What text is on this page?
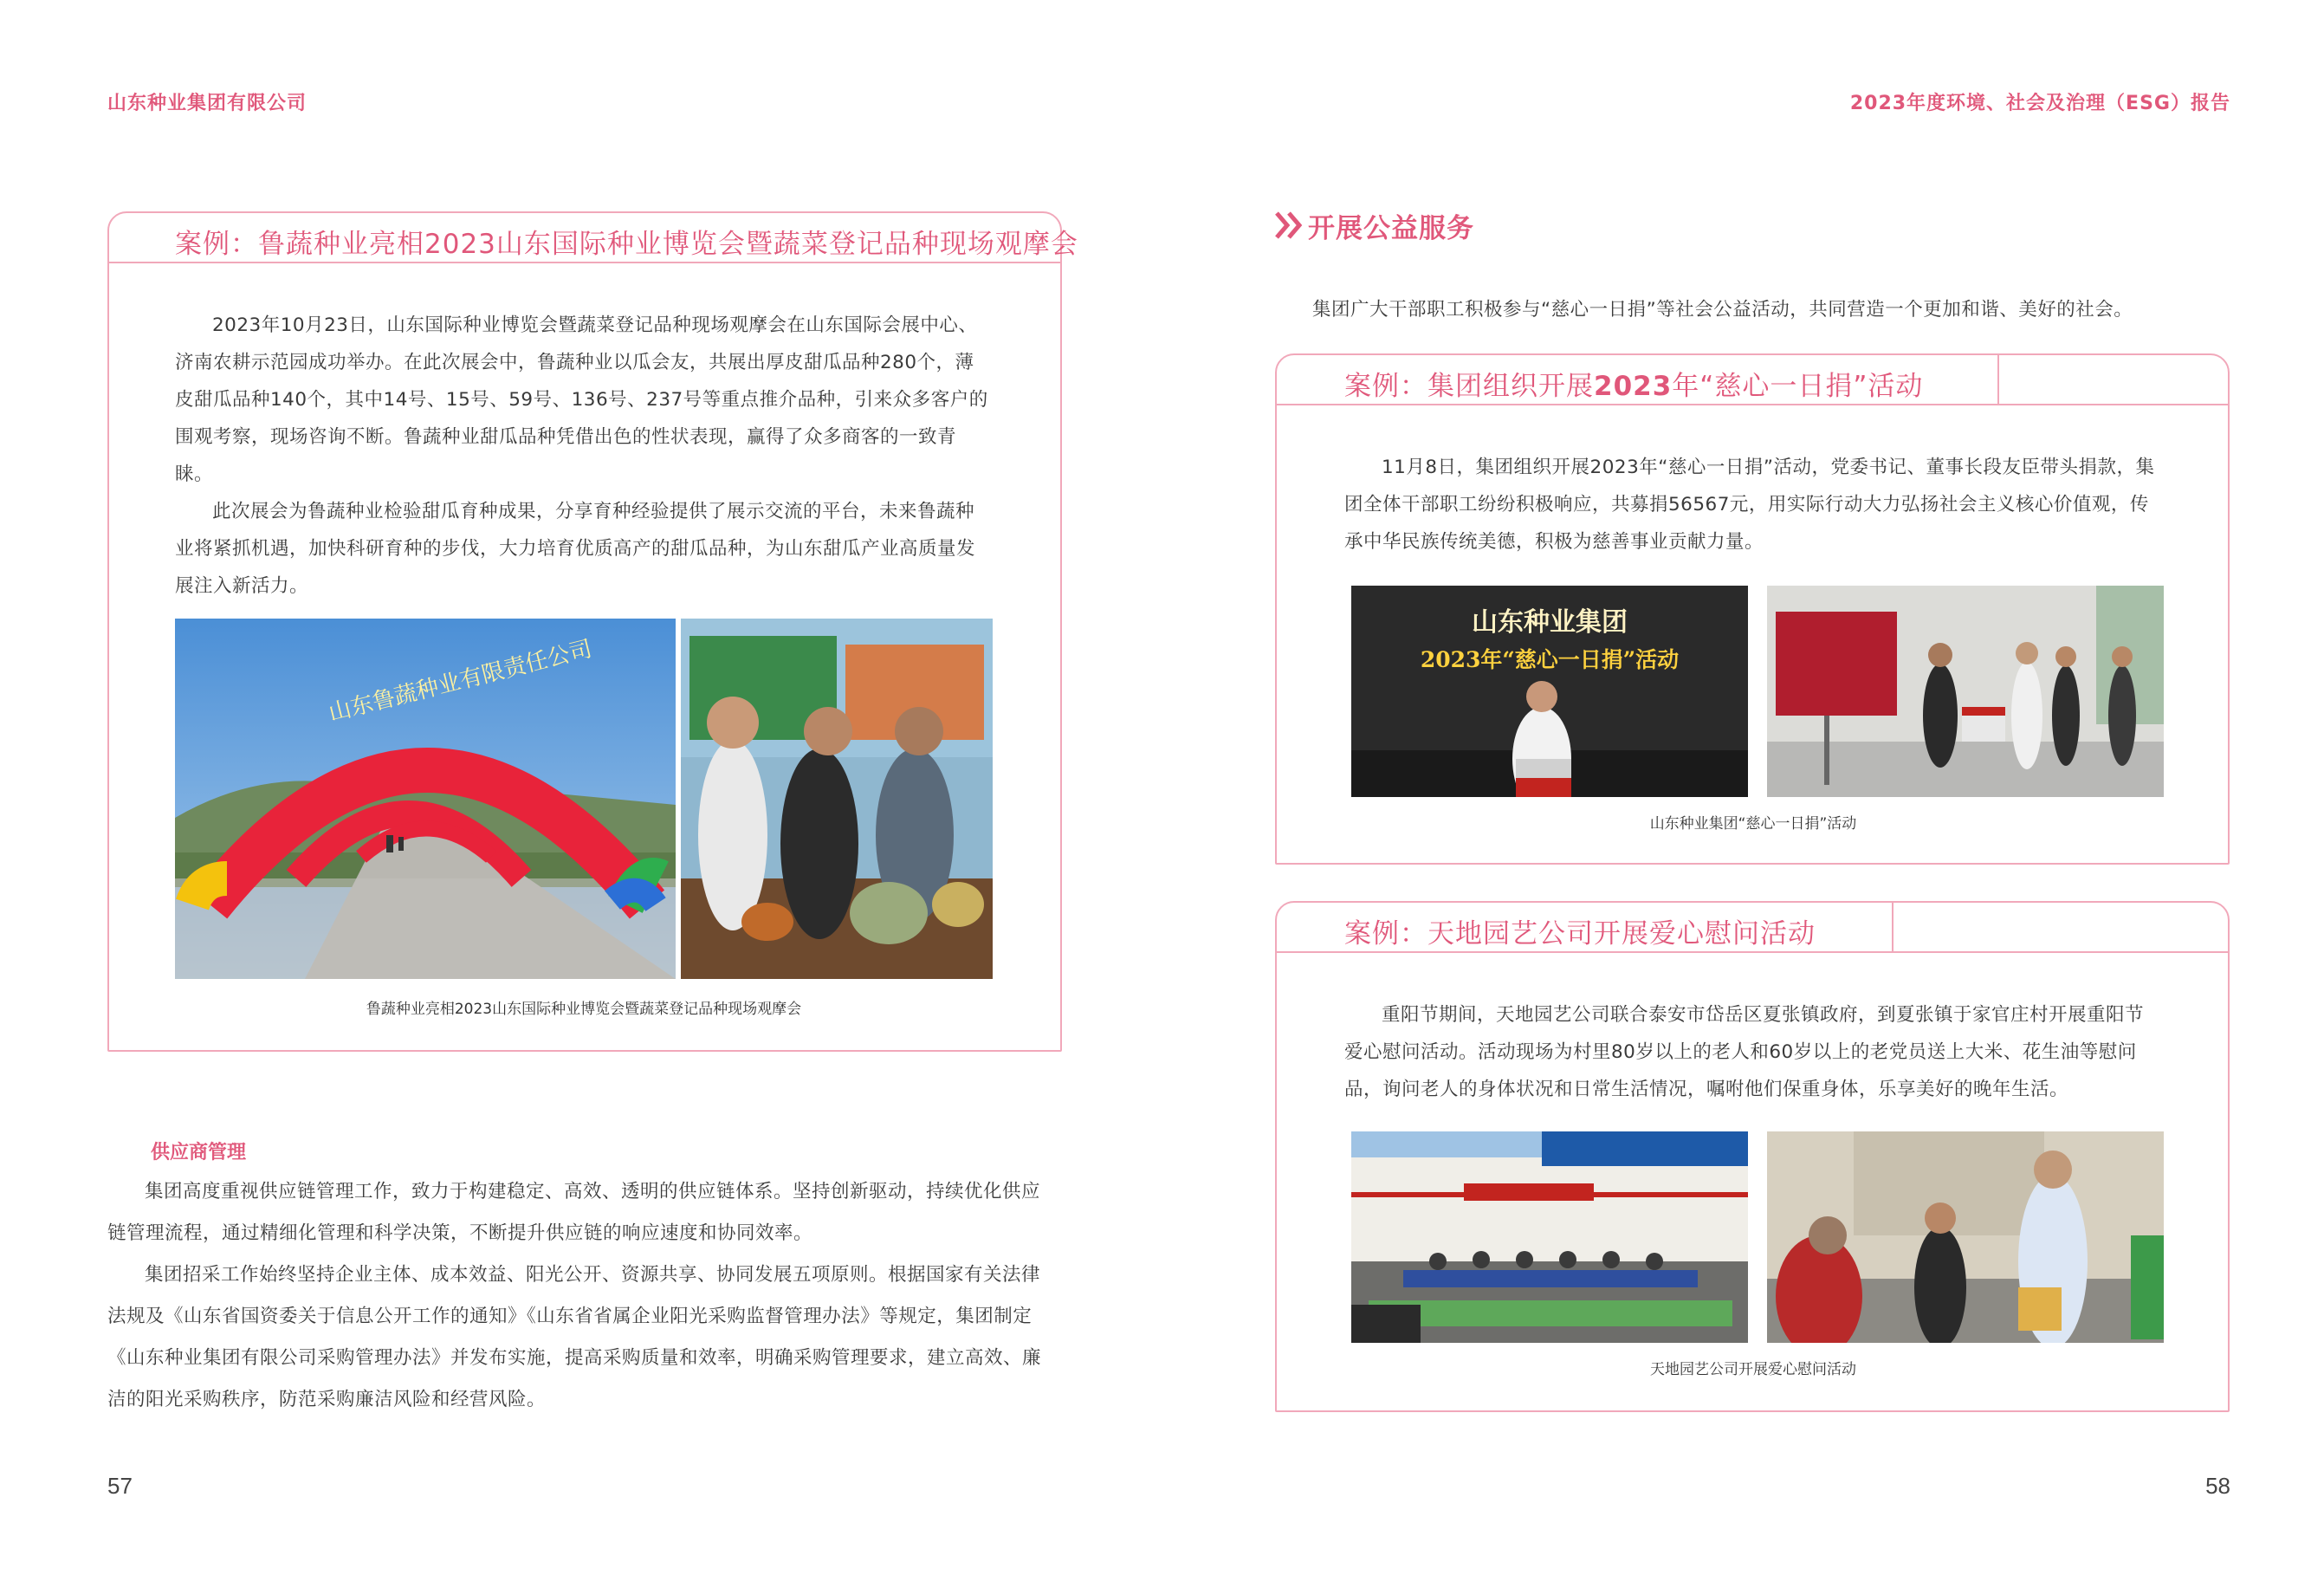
山东种业集团有限公司	2023年度环境、社会及治理（ESG）报告
案例：鲁蔬种业亮相2023山东国际种业博览会暨蔬菜登记品种现场观摩会

2023年10月23日，山东国际种业博览会暨蔬菜登记品种现场观摩会在山东国际会展中心、济南农耕示范园成功举办。在此次展会中，鲁蔬种业以瓜会友，共展出厚皮甜瓜品种280个，薄皮甜瓜品种140个，其中14号、15号、59号、136号、237号等重点推介品种，引来众多客户的围观考察，现场咨询不断。鲁蔬种业甜瓜品种凭借出色的性状表现，赢得了众多商客的一致青睐。

此次展会为鲁蔬种业检验甜瓜育种成果，分享育种经验提供了展示交流的平台，未来鲁蔬种业将紧抓机遇，加快科研育种的步伐，大力培育优质高产的甜瓜品种，为山东甜瓜产业高质量发展注入新活力。

山东鲁蔬种业有限责任公司
鲁蔬种业亮相2023山东国际种业博览会暨蔬菜登记品种现场观摩会
供应商管理

集团高度重视供应链管理工作，致力于构建稳定、高效、透明的供应链体系。坚持创新驱动，持续优化供应链管理流程，通过精细化管理和科学决策，不断提升供应链的响应速度和协同效率。

集团招采工作始终坚持企业主体、成本效益、阳光公开、资源共享、协同发展五项原则。根据国家有关法律法规及《山东省国资委关于信息公开工作的通知》《山东省省属企业阳光采购监督管理办法》等规定，集团制定《山东种业集团有限公司采购管理办法》并发布实施，提高采购质量和效率，明确采购管理要求，建立高效、廉洁的阳光采购秩序，防范采购廉洁风险和经营风险。

57
开展公益服务
集团广大干部职工积极参与“慈心一日捐”等社会公益活动，共同营造一个更加和谐、美好的社会。
案例：集团组织开展2023年“慈心一日捐”活动

11月8日，集团组织开展2023年“慈心一日捐”活动，党委书记、董事长段友臣带头捐款，集团全体干部职工纷纷积极响应，共募捐56567元，用实际行动大力弘扬社会主义核心价值观，传承中华民族传统美德，积极为慈善事业贡献力量。

山东种业集团
2023年“慈心一日捐”活动
山东种业集团“慈心一日捐”活动
案例：天地园艺公司开展爱心慰问活动

重阳节期间，天地园艺公司联合泰安市岱岳区夏张镇政府，到夏张镇于家官庄村开展重阳节爱心慰问活动。活动现场为村里80岁以上的老人和60岁以上的老党员送上大米、花生油等慰问品，询问老人的身体状况和日常生活情况，嘱咐他们保重身体，乐享美好的晚年生活。

天地园艺公司开展爱心慰问活动
58
